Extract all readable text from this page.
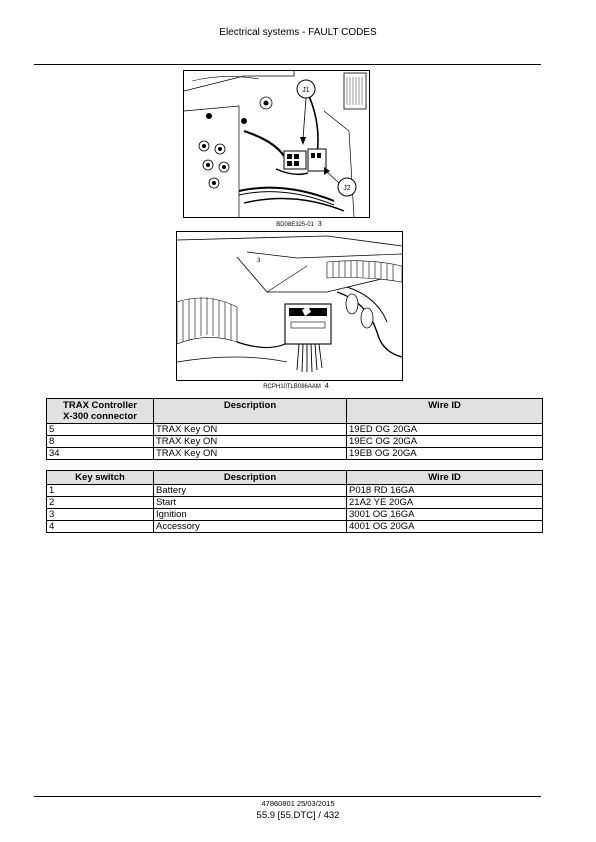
Electrical systems - FAULT CODES
J1
J2
BD08E325-01 3
3
RCPH10TLB086AAM 4
TRAX Controller
X-300 connector	Description	Wire ID
5	TRAX Key ON	19ED OG 20GA
8	TRAX Key ON	19EC OG 20GA
34	TRAX Key ON	19EB OG 20GA
Key switch	Description	Wire ID
1	Battery	P018 RD 16GA
2	Start	21A2 YE 20GA
3	Ignition	3001 OG 16GA
4	Accessory	4001 OG 20GA
47860801 25/03/2015
55.9 [55.DTC] / 432
